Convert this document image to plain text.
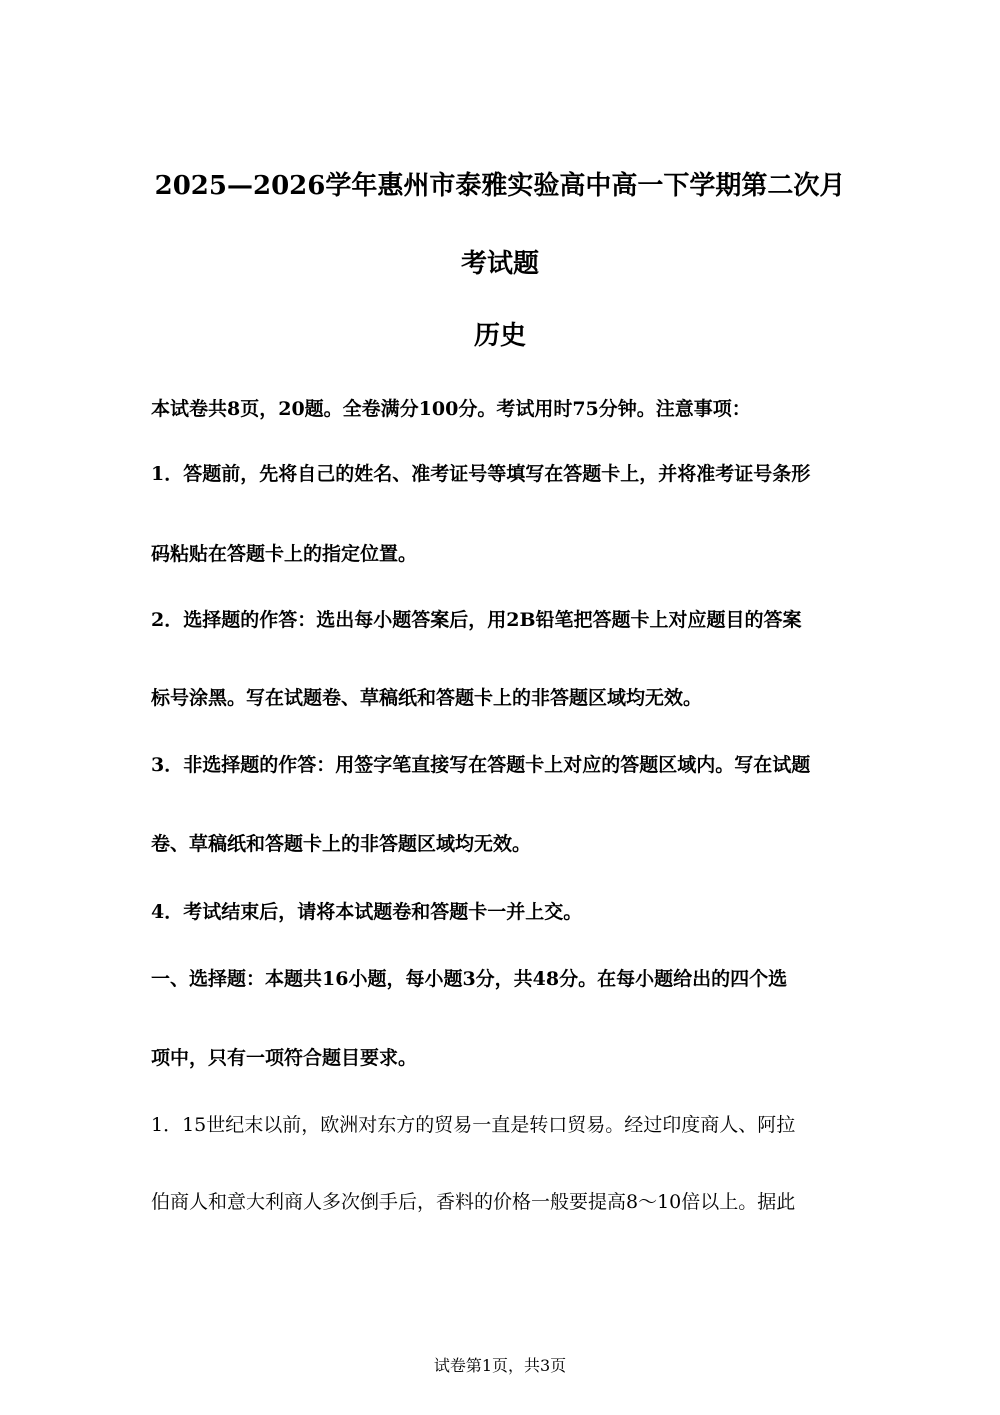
2025—2026学年惠州市泰雅实验高中高一下学期第二次月
考试题
历史
本试卷共8页，20题。全卷满分100分。考试用时75分钟。注意事项：
1．答题前，先将自己的姓名、准考证号等填写在答题卡上，并将准考证号条形
码粘贴在答题卡上的指定位置。
2．选择题的作答：选出每小题答案后，用2B铅笔把答题卡上对应题目的答案
标号涂黑。写在试题卷、草稿纸和答题卡上的非答题区域均无效。
3．非选择题的作答：用签字笔直接写在答题卡上对应的答题区域内。写在试题
卷、草稿纸和答题卡上的非答题区域均无效。
4．考试结束后，请将本试题卷和答题卡一并上交。
一、选择题：本题共16小题，每小题3分，共48分。在每小题给出的四个选
项中，只有一项符合题目要求。
1．15世纪末以前，欧洲对东方的贸易一直是转口贸易。经过印度商人、阿拉
伯商人和意大利商人多次倒手后，香料的价格一般要提高8～10倍以上。据此
试卷第1页，共3页
